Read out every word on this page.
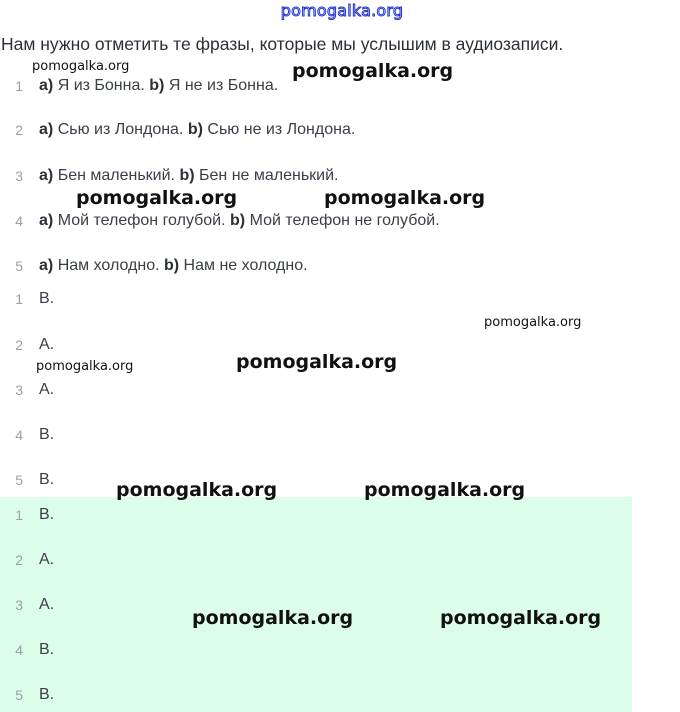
pomogalka.org
Нам нужно отметить те фразы, которые мы услышим в аудиозаписи.
1 a) Я из Бонна. b) Я не из Бонна.
2 a) Сью из Лондона. b) Сью не из Лондона.
3 a) Бен маленький. b) Бен не маленький.
4 a) Мой телефон голубой. b) Мой телефон не голубой.
5 a) Нам холодно. b) Нам не холодно.
1 B.
2 A.
3 A.
4 B.
5 B.
1 B.
2 A.
3 A.
4 B.
5 B.
pomogalka.org	pomogalka.org
pomogalka.org	pomogalka.org
pomogalka.org
pomogalka.org
pomogalka.org
pomogalka.org	pomogalka.org
pomogalka.org	pomogalka.org
